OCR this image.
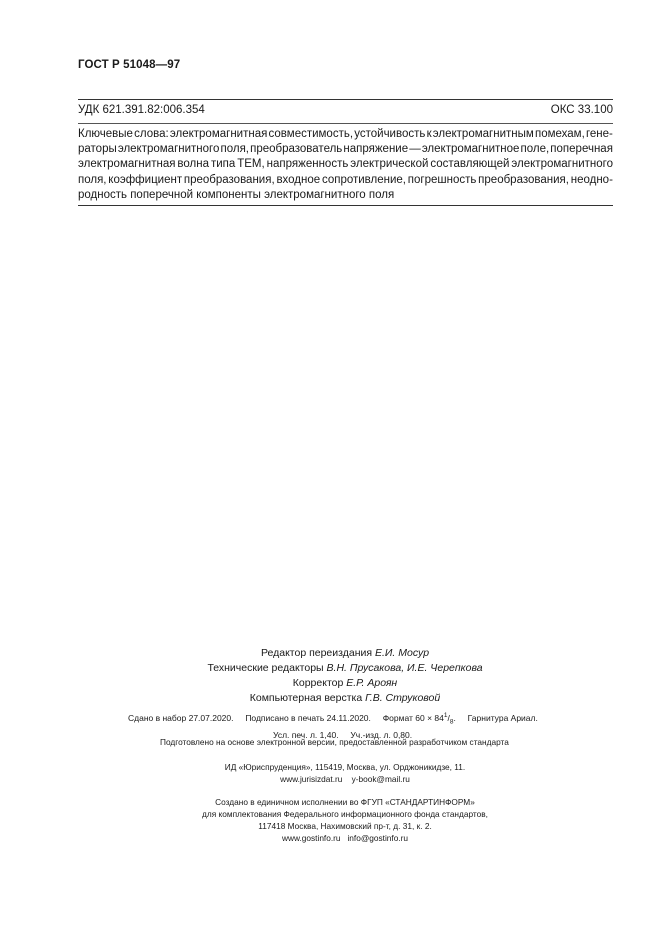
ГОСТ Р 51048—97
УДК 621.391.82:006.354	ОКС 33.100
Ключевые слова: электромагнитная совместимость, устойчивость к электромагнитным помехам, гене-
раторы электромагнитного поля, преобразователь напряжение — электромагнитное поле, поперечная
электромагнитная волна типа ТЕМ, напряженность электрической составляющей электромагнитного
поля, коэффициент преобразования, входное сопротивление, погрешность преобразования, неодно-
родность поперечной компоненты электромагнитного поля
Редактор переиздания Е.И. Мосур
Технические редакторы В.Н. Прусакова, И.Е. Черепкова
Корректор Е.Р. Ароян
Компьютерная верстка Г.В. Струковой
Сдано в набор 27.07.2020. Подписано в печать 24.11.2020. Формат $60 \times 84^1/_8$. Гарнитура Ариал.
Усл. печ. л. 1,40. Уч.-изд. л. 0,80.
Подготовлено на основе электронной версии, предоставленной разработчиком стандарта
ИД «Юриспруденция», 115419, Москва, ул. Орджоникидзе, 11.
www.jurisizdat.ru y-book@mail.ru
Создано в единичном исполнении во ФГУП «СТАНДАРТИНФОРМ»
для комплектования Федерального информационного фонда стандартов,
117418 Москва, Нахимовский пр-т, д. 31, к. 2.
www.gostinfo.ru info@gostinfo.ru
